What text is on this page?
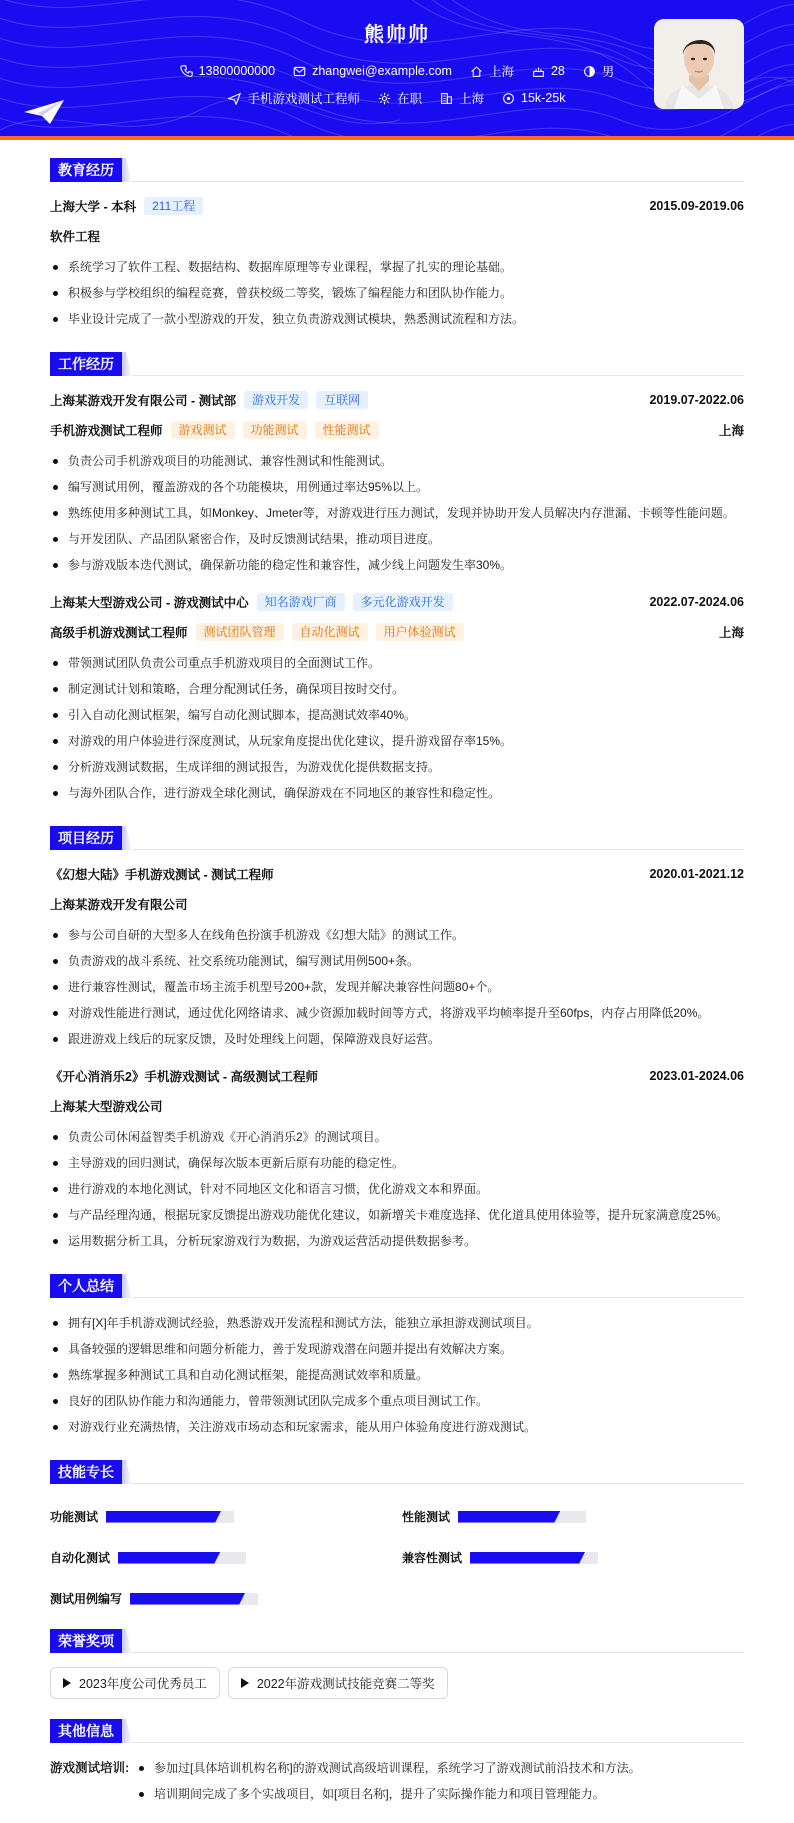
熊帅帅
13800000000	zhangwei@example.com	上海	28	男
手机游戏测试工程师	在职	上海	15k-25k
教育经历
上海大学 - 本科	211工程	2015.09-2019.06
软件工程
系统学习了软件工程、数据结构、数据库原理等专业课程，掌握了扎实的理论基础。
积极参与学校组织的编程竞赛，曾获校级二等奖，锻炼了编程能力和团队协作能力。
毕业设计完成了一款小型游戏的开发，独立负责游戏测试模块，熟悉测试流程和方法。
工作经历
上海某游戏开发有限公司 - 测试部	游戏开发	互联网	2019.07-2022.06
手机游戏测试工程师	游戏测试	功能测试	性能测试	上海
负责公司手机游戏项目的功能测试、兼容性测试和性能测试。
编写测试用例，覆盖游戏的各个功能模块，用例通过率达95%以上。
熟练使用多种测试工具，如Monkey、Jmeter等，对游戏进行压力测试，发现并协助开发人员解决内存泄漏、卡顿等性能问题。
与开发团队、产品团队紧密合作，及时反馈测试结果，推动项目进度。
参与游戏版本迭代测试，确保新功能的稳定性和兼容性，减少线上问题发生率30%。
上海某大型游戏公司 - 游戏测试中心	知名游戏厂商	多元化游戏开发	2022.07-2024.06
高级手机游戏测试工程师	测试团队管理	自动化测试	用户体验测试	上海
带领测试团队负责公司重点手机游戏项目的全面测试工作。
制定测试计划和策略，合理分配测试任务，确保项目按时交付。
引入自动化测试框架，编写自动化测试脚本，提高测试效率40%。
对游戏的用户体验进行深度测试，从玩家角度提出优化建议，提升游戏留存率15%。
分析游戏测试数据，生成详细的测试报告，为游戏优化提供数据支持。
与海外团队合作，进行游戏全球化测试，确保游戏在不同地区的兼容性和稳定性。
项目经历
《幻想大陆》手机游戏测试 - 测试工程师	2020.01-2021.12
上海某游戏开发有限公司
参与公司自研的大型多人在线角色扮演手机游戏《幻想大陆》的测试工作。
负责游戏的战斗系统、社交系统功能测试，编写测试用例500+条。
进行兼容性测试，覆盖市场主流手机型号200+款，发现并解决兼容性问题80+个。
对游戏性能进行测试，通过优化网络请求、减少资源加载时间等方式，将游戏平均帧率提升至60fps，内存占用降低20%。
跟进游戏上线后的玩家反馈，及时处理线上问题，保障游戏良好运营。
《开心消消乐2》手机游戏测试 - 高级测试工程师	2023.01-2024.06
上海某大型游戏公司
负责公司休闲益智类手机游戏《开心消消乐2》的测试项目。
主导游戏的回归测试，确保每次版本更新后原有功能的稳定性。
进行游戏的本地化测试，针对不同地区文化和语言习惯，优化游戏文本和界面。
与产品经理沟通，根据玩家反馈提出游戏功能优化建议，如新增关卡难度选择、优化道具使用体验等，提升玩家满意度25%。
运用数据分析工具，分析玩家游戏行为数据，为游戏运营活动提供数据参考。
个人总结
拥有[X]年手机游戏测试经验，熟悉游戏开发流程和测试方法，能独立承担游戏测试项目。
具备较强的逻辑思维和问题分析能力，善于发现游戏潜在问题并提出有效解决方案。
熟练掌握多种测试工具和自动化测试框架，能提高测试效率和质量。
良好的团队协作能力和沟通能力，曾带领测试团队完成多个重点项目测试工作。
对游戏行业充满热情，关注游戏市场动态和玩家需求，能从用户体验角度进行游戏测试。
技能专长
功能测试	性能测试
自动化测试	兼容性测试
测试用例编写
荣誉奖项
2023年度公司优秀员工	2022年游戏测试技能竞赛二等奖
其他信息
游戏测试培训:	参加过[具体培训机构名称]的游戏测试高级培训课程，系统学习了游戏测试前沿技术和方法。
培训期间完成了多个实战项目，如[项目名称]，提升了实际操作能力和项目管理能力。
